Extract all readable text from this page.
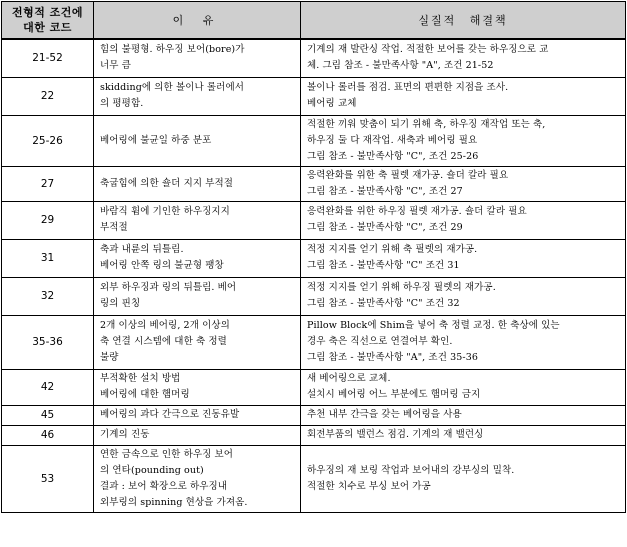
전형적 조건에
대한 코드	이 유	실질적 해결책
21-52	힘의 불평형. 하우징 보어(bore)가
너무 큼	기계의 재 발란싱 작업. 적절한 보어를 갖는 하우징으로 교
체. 그림 참조 - 불만족사항 "A", 조건 21-52

22	skidding에 의한 볼이나 롤러에서
의 평평함.	볼이나 롤러를 점검. 표면의 편편한 지점을 조사.
베어링 교체

25-26	베어링에 불균일 하중 분포	적절한 끼워 맞춤이 되기 위해 축, 하우징 재작업 또는 축,
하우징 둘 다 재작업. 새축과 베어링 필요
그림 참조 - 불만족사항 "C", 조건 25-26

27	축굽힘에 의한 숄더 지지 부적절	응력완화를 위한 축 필렛 재가공. 숄더 칼라 필요
그림 참조 - 불만족사항 "C", 조건 27

29	바람직 휨에 기인한 하우징지지
부적절	응력완화를 위한 하우징 필렛 재가공. 숄더 칼라 필요
그림 참조 - 불만족사항 "C", 조건 29

31	축과 내륜의 뒤틀림.
베어링 안쪽 링의 불균형 팽창	적정 지지를 얻기 위해 축 필렛의 재가공.
그림 참조 - 불만족사항 "C" 조건 31

32	외부 하우징과 링의 뒤틀림. 베어
링의 핀칭	적정 지지를 얻기 위해 하우징 필렛의 재가공.
그림 참조 - 불만족사항 "C" 조건 32

35-36	2개 이상의 베어링, 2개 이상의
축 연결 시스템에 대한 축 정렬
불량	Pillow Block에 Shim을 넣어 축 정렬 교정. 한 축상에 있는
경우 축은 직선으로 연결여부 확인.
그림 참조 - 불만족사항 "A", 조건 35-36

42	부적확한 설치 방법
베어링에 대한 햄머링	새 베어링으로 교체.
설치시 베어링 어느 부분에도 햄머링 금지

45	베어링의 과다 간극으로 진동유발	추천 내부 간극을 갖는 베어링을 사용

46	기계의 진동	회전부품의 밸런스 점검. 기계의 재 밸런싱

53	연한 금속으로 인한 하우징 보어
의 연타(pounding out)
결과 : 보어 확장으로 하우징내
외부링의 spinning 현상을 가져옴.	하우징의 재 보링 작업과 보어내의 강부싱의 밀착.
적절한 치수로 부싱 보어 가공
